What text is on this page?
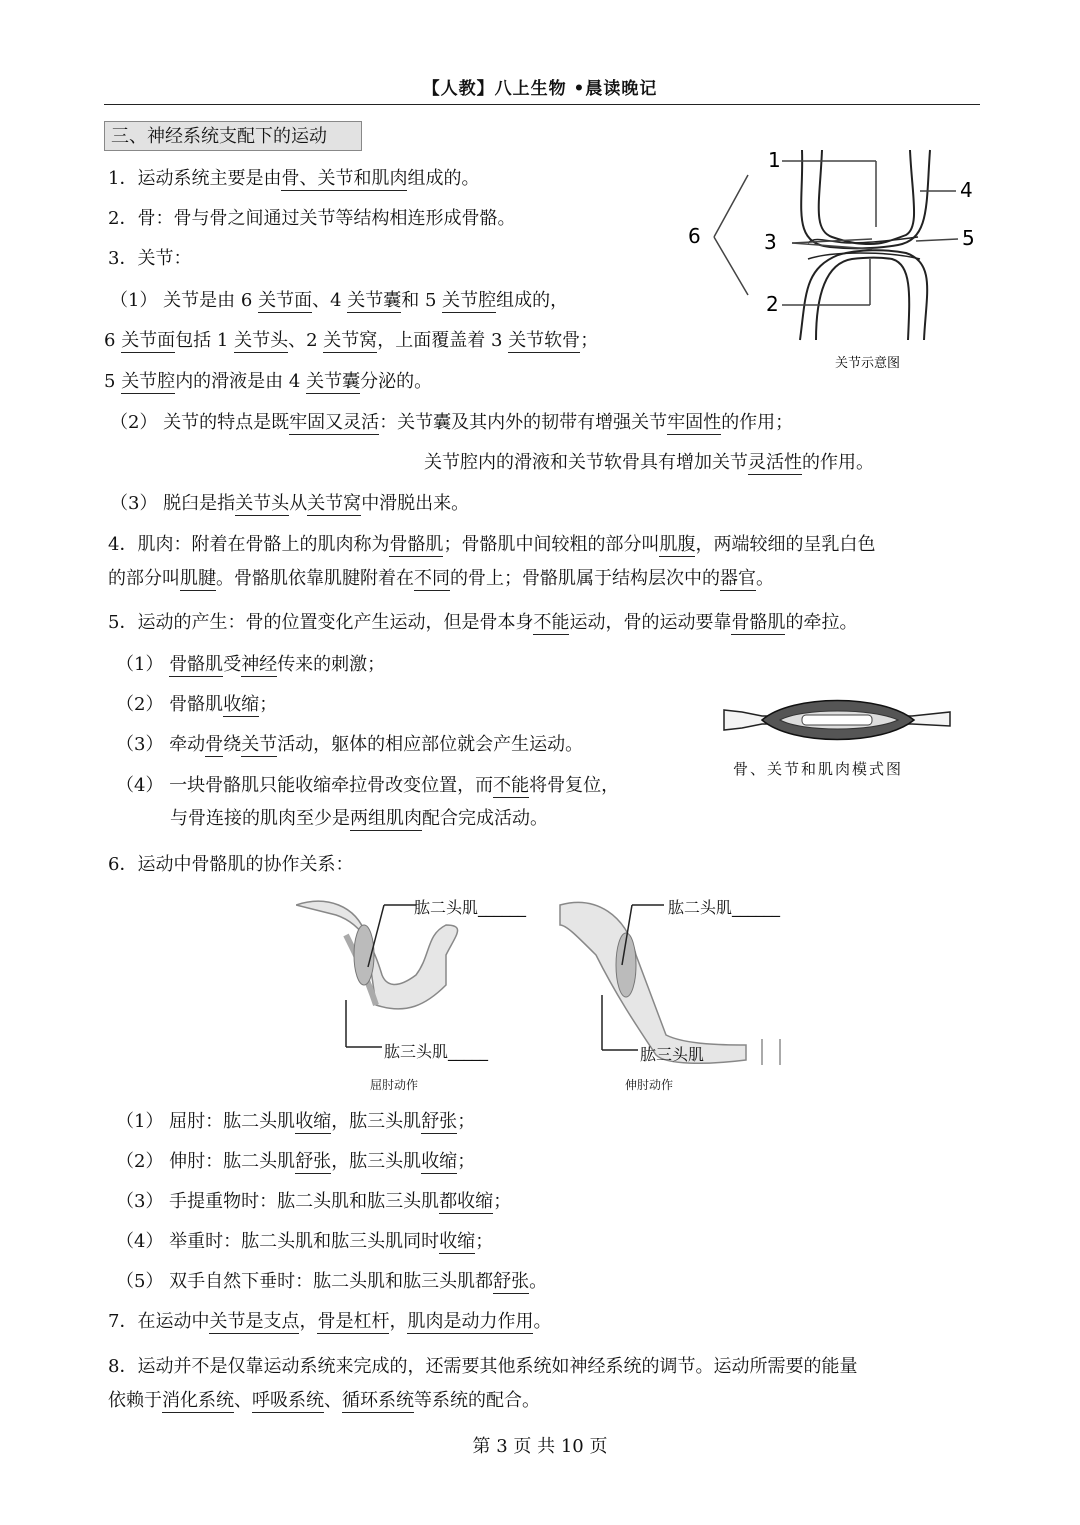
【人教】八上生物 •晨读晚记
三、神经系统支配下的运动
1．运动系统主要是由骨、关节和肌肉组成的。
2．骨：骨与骨之间通过关节等结构相连形成骨骼。
3．关节：
（1） 关节是由 6 关节面、4 关节囊和 5 关节腔组成的，
6 关节面包括 1 关节头、2 关节窝，上面覆盖着 3 关节软骨；
5 关节腔内的滑液是由 4 关节囊分泌的。
（2） 关节的特点是既牢固又灵活：关节囊及其内外的韧带有增强关节牢固性的作用；
关节腔内的滑液和关节软骨具有增加关节灵活性的作用。
（3） 脱臼是指关节头从关节窝中滑脱出来。
4．肌肉：附着在骨骼上的肌肉称为骨骼肌；骨骼肌中间较粗的部分叫肌腹，两端较细的呈乳白色
的部分叫肌腱。骨骼肌依靠肌腱附着在不同的骨上；骨骼肌属于结构层次中的器官。
5．运动的产生：骨的位置变化产生运动，但是骨本身不能运动，骨的运动要靠骨骼肌的牵拉。
（1） 骨骼肌受神经传来的刺激；
（2） 骨骼肌收缩；
（3） 牵动骨绕关节活动，躯体的相应部位就会产生运动。
（4） 一块骨骼肌只能收缩牵拉骨改变位置，而不能将骨复位，
与骨连接的肌肉至少是两组肌肉配合完成活动。
6．运动中骨骼肌的协作关系：
（1） 屈肘：肱二头肌收缩，肱三头肌舒张；
（2） 伸肘：肱二头肌舒张，肱三头肌收缩；
（3） 手提重物时：肱二头肌和肱三头肌都收缩；
（4） 举重时：肱二头肌和肱三头肌同时收缩；
（5） 双手自然下垂时：肱二头肌和肱三头肌都舒张。
7．在运动中关节是支点，骨是杠杆，肌肉是动力作用。
8．运动并不是仅靠运动系统来完成的，还需要其他系统如神经系统的调节。运动所需要的能量
依赖于消化系统、呼吸系统、循环系统等系统的配合。
1
2
3
4
5
6
关节示意图
骨、关节和肌肉模式图
肱二头肌______
肱三头肌_____
屈肘动作
肱二头肌______
肱三头肌
伸肘动作
第 3 页 共 10 页
